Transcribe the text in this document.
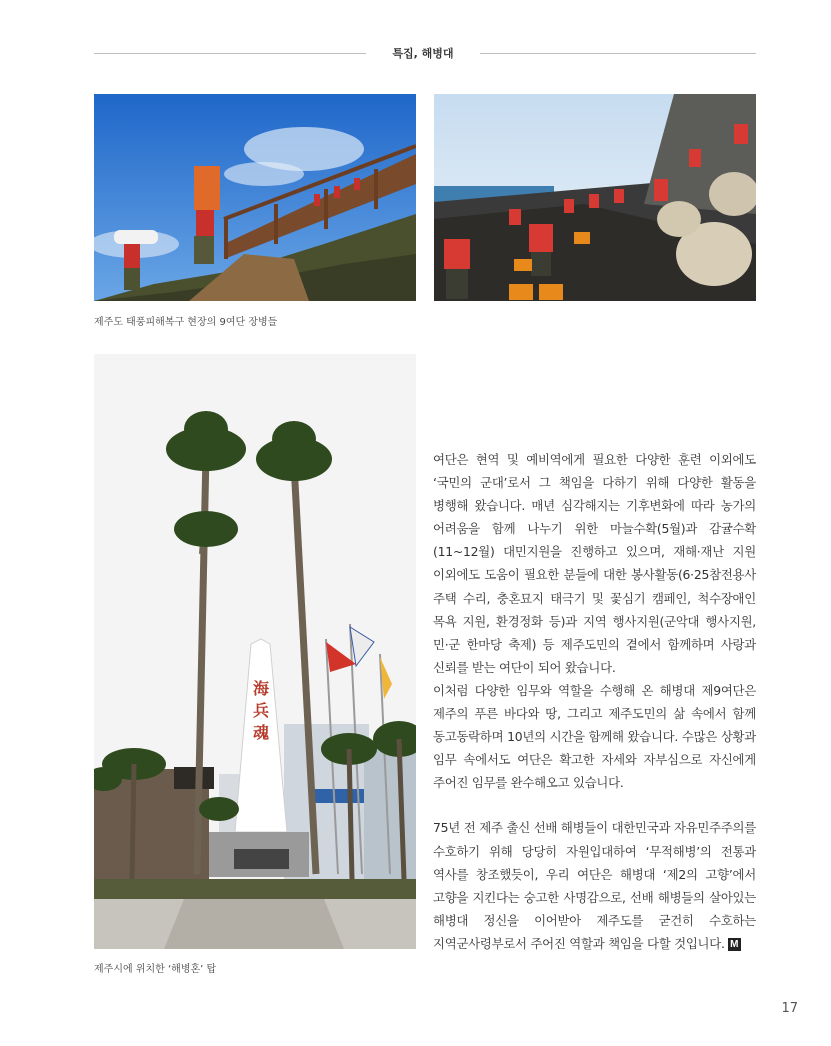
특집, 해병대
제주도 태풍피해복구 현장의 9여단 장병들
海
兵
魂
제주시에 위치한 ‘해병혼’ 탑

여단은 현역 및 예비역에게 필요한 다양한 훈련 이외에도 ‘국민의 군대’로서 그 책임을 다하기 위해 다양한 활동을 병행해 왔습니다. 매년 심각해지는 기후변화에 따라 농가의 어려움을 함께 나누기 위한 마늘수확(5월)과 감귤수확(11~12월) 대민지원을 진행하고 있으며, 재해·재난 지원 이외에도 도움이 필요한 분들에 대한 봉사활동(6·25참전용사 주택 수리, 충혼묘지 태극기 및 꽃심기 캠페인, 척수장애인 목욕 지원, 환경정화 등)과 지역 행사지원(군악대 행사지원, 민·군 한마당 축제) 등 제주도민의 곁에서 함께하며 사랑과 신뢰를 받는 여단이 되어 왔습니다.

이처럼 다양한 임무와 역할을 수행해 온 해병대 제9여단은 제주의 푸른 바다와 땅, 그리고 제주도민의 삶 속에서 함께 동고동락하며 10년의 시간을 함께해 왔습니다. 수많은 상황과 임무 속에서도 여단은 확고한 자세와 자부심으로 자신에게 주어진 임무를 완수해오고 있습니다.

75년 전 제주 출신 선배 해병들이 대한민국과 자유민주주의를 수호하기 위해 당당히 자원입대하여 ‘무적해병’의 전통과 역사를 창조했듯이, 우리 여단은 해병대 ‘제2의 고향’에서 고향을 지킨다는 숭고한 사명감으로, 선배 해병들의 살아있는 해병대 정신을 이어받아 제주도를 굳건히 수호하는 지역군사령부로서 주어진 역할과 책임을 다할 것입니다. M

17
